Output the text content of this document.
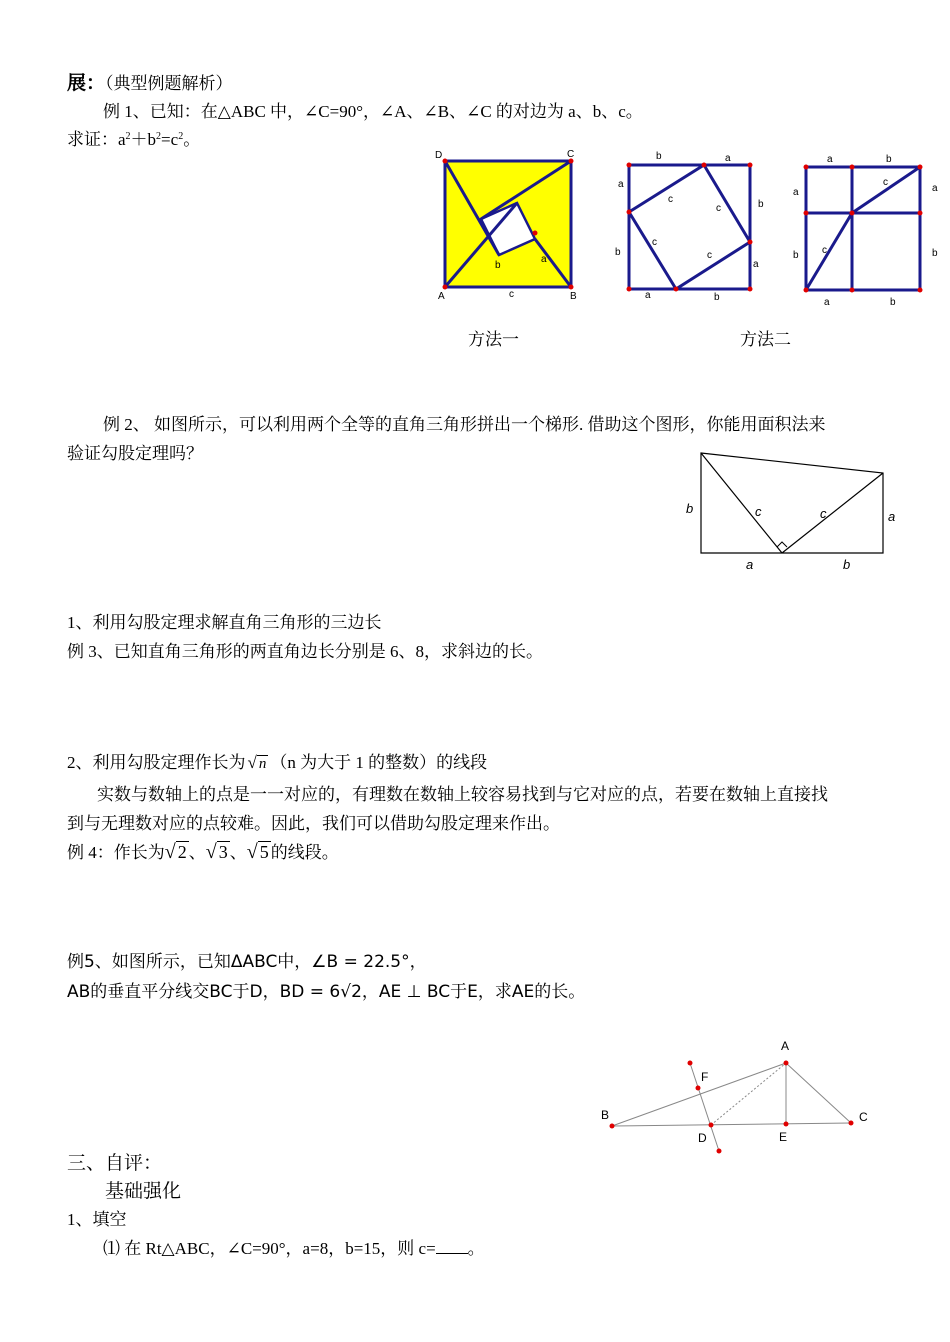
展：（典型例题解析）
例 1、已知：在△ABC 中，∠C=90°，∠A、∠B、∠C 的对边为 a、b、c。
求证：$a^2+b^2=c^2$。
D	C
A	B
c
b
a
b	a
a
b
b
a
a	b
c
c
c
c
a	b
a	a
b	b
a	b
c
c
方法一	方法二
例 2、 如图所示，可以利用两个全等的直角三角形拼出一个梯形. 借助这个图形，你能用面积法来
验证勾股定理吗？
b
a
c	c
a	b
1、利用勾股定理求解直角三角形的三边长
例 3、已知直角三角形的两直角边长分别是 6、8，求斜边的长。
2、利用勾股定理作长为 √ n （n 为大于 1 的整数）的线段
实数与数轴上的点是一一对应的，有理数在数轴上较容易找到与它对应的点，若要在数轴上直接找
到与无理数对应的点较难。因此，我们可以借助勾股定理来作出。
例 4：作长为√ 2 、√ 3 、√ 5 的线段。
例5、如图所示，已知ΔABC中，∠B = 22.5°，
AB的垂直平分线交BC于D，BD = 6√2，AE ⊥ BC于E，求AE的长。
A
B	C
D	E
F
三、自评：
基础强化
1、填空
⑴ 在 Rt△ABC，∠C=90°，a=8，b=15，则 c= 。
